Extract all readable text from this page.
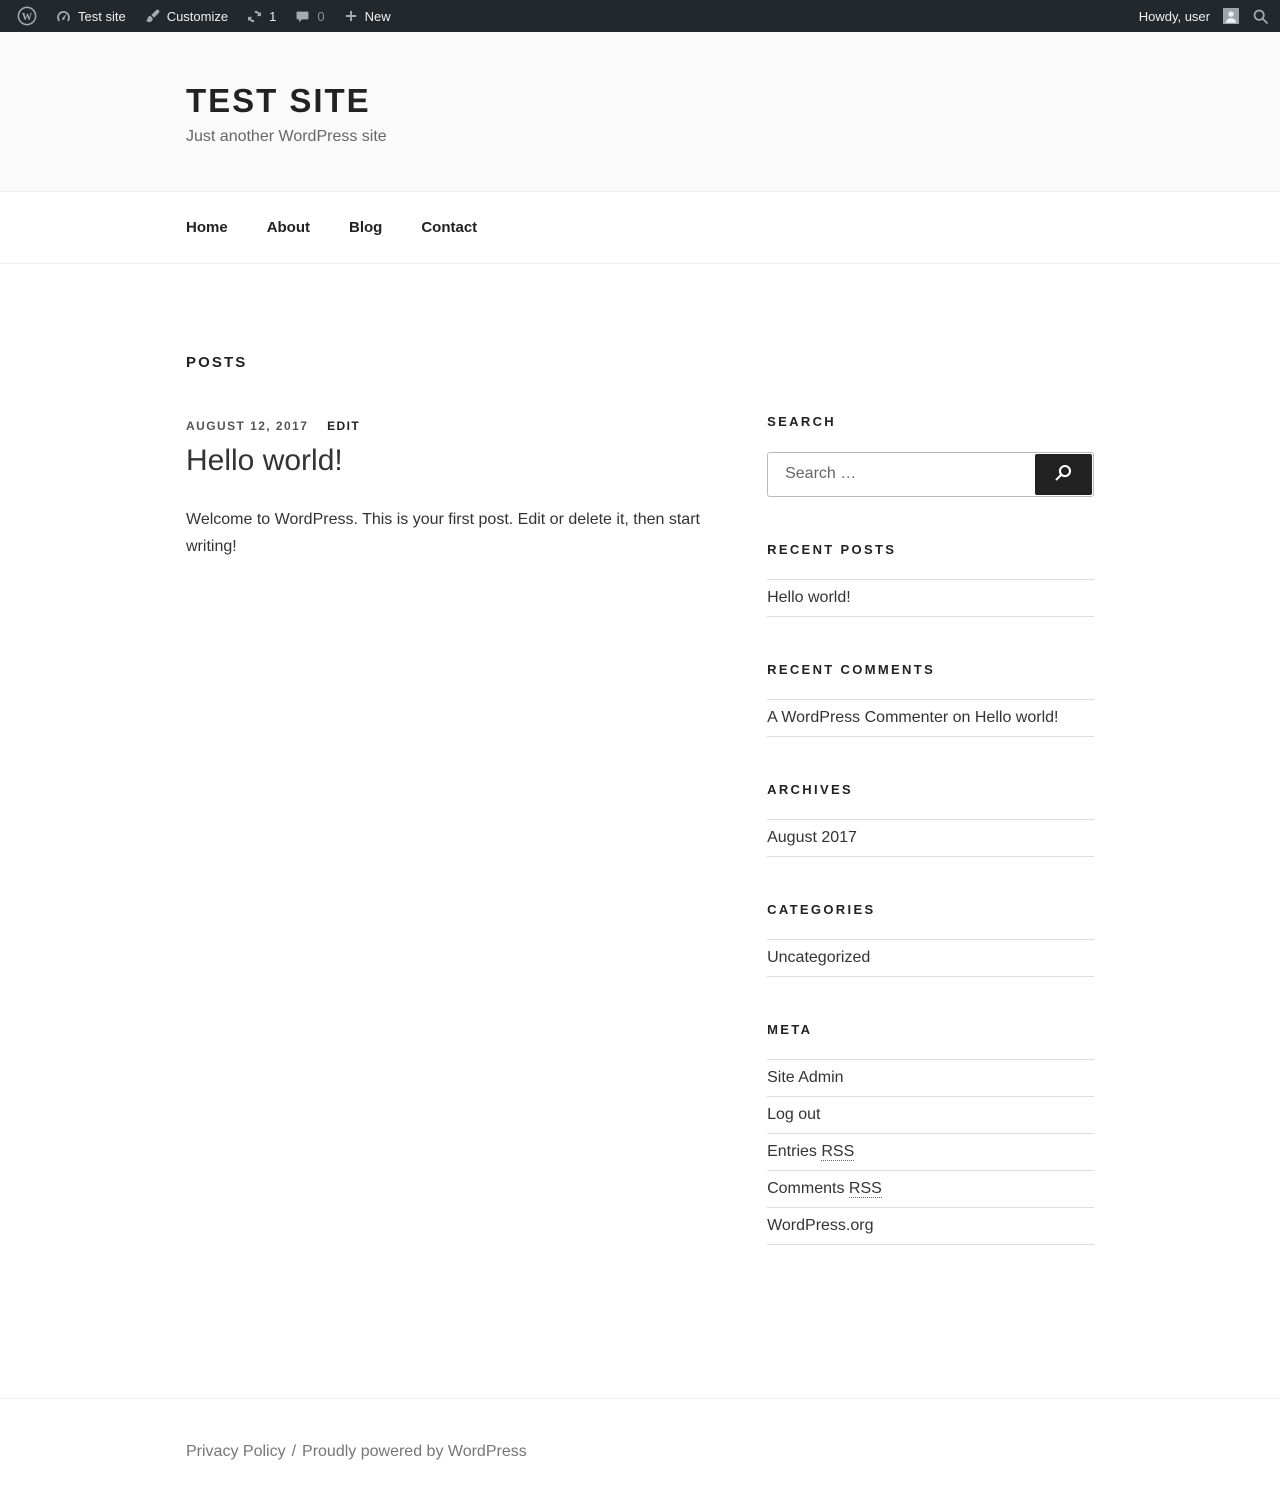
W	Test site	Customize	1	0	New	Howdy, user
TEST SITE

Just another WordPress site

Home	About	Blog	Contact
POSTS
AUGUST 12, 2017 EDIT
Hello world!

Welcome to WordPress. This is your first post. Edit or delete it, then start writing!

SEARCH
Search …
RECENT POSTS
Hello world!
RECENT COMMENTS
A WordPress Commenter on Hello world!
ARCHIVES
August 2017
CATEGORIES
Uncategorized
META
Site Admin
Log out
Entries RSS
Comments RSS
WordPress.org

Privacy Policy / Proudly powered by WordPress
